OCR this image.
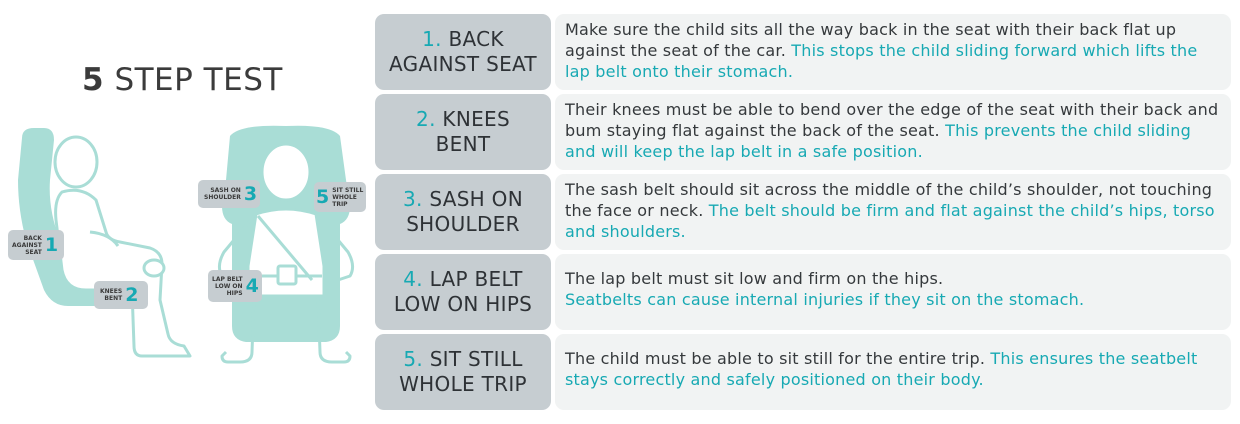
5 STEP TEST
BACK
AGAINST
SEAT 1
KNEES
BENT 2
SASH ON
SHOULDER 3	5 SIT STILL
WHOLE
TRIP
LAP BELT
LOW ON
HIPS 4
1. BACK
AGAINST SEAT
Make sure the child sits all the way back in the seat with their back flat up against the seat of the car. This stops the child sliding forward which lifts the lap belt onto their stomach.
2. KNEES
BENT
Their knees must be able to bend over the edge of the seat with their back and bum staying flat against the back of the seat. This prevents the child sliding and will keep the lap belt in a safe position.
3. SASH ON
SHOULDER
The sash belt should sit across the middle of the child’s shoulder, not touching the face or neck. The belt should be firm and flat against the child’s hips, torso and shoulders.
4. LAP BELT
LOW ON HIPS
The lap belt must sit low and firm on the hips.
Seatbelts can cause internal injuries if they sit on the stomach.
5. SIT STILL
WHOLE TRIP
The child must be able to sit still for the entire trip. This ensures the seatbelt stays correctly and safely positioned on their body.
